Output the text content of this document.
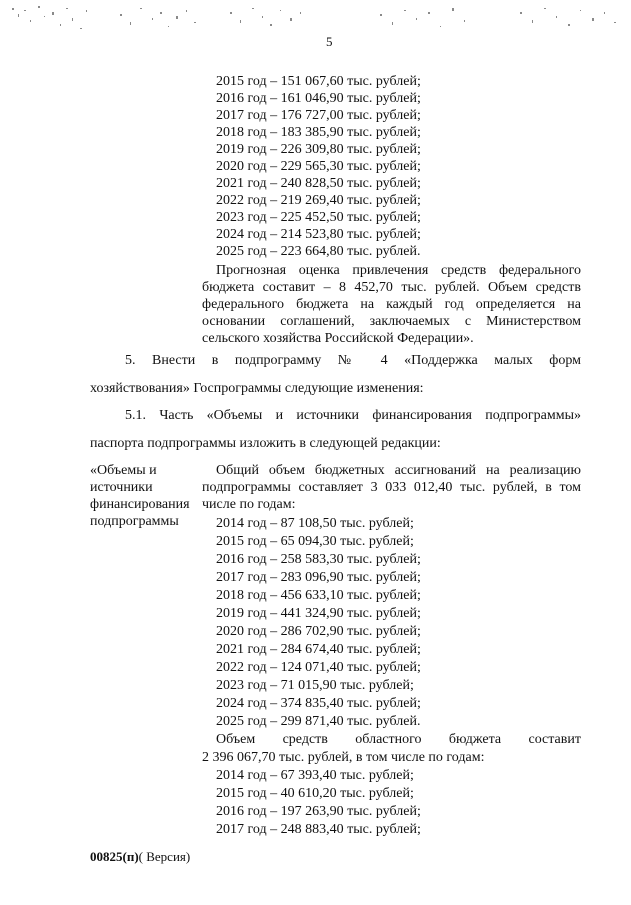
5
2015 год – 151 067,60 тыс. рублей;
2016 год – 161 046,90 тыс. рублей;
2017 год – 176 727,00 тыс. рублей;
2018 год – 183 385,90 тыс. рублей;
2019 год – 226 309,80 тыс. рублей;
2020 год – 229 565,30 тыс. рублей;
2021 год – 240 828,50 тыс. рублей;
2022 год – 219 269,40 тыс. рублей;
2023 год – 225 452,50 тыс. рублей;
2024 год – 214 523,80 тыс. рублей;
2025 год – 223 664,80 тыс. рублей.
Прогнозная оценка привлечения средств федерального
бюджета составит – 8 452,70 тыс. рублей. Объем средств
федерального бюджета на каждый год определяется на
основании соглашений, заключаемых с Министерством
сельского хозяйства Российской Федерации».
5. Внести в подпрограмму № 4 «Поддержка малых форм
хозяйствования» Госпрограммы следующие изменения:
5.1. Часть «Объемы и источники финансирования подпрограммы»
паспорта подпрограммы изложить в следующей редакции:
«Объемы и
источники
финансирования
подпрограммы
Общий объем бюджетных ассигнований на реализацию
подпрограммы составляет 3 033 012,40 тыс. рублей, в том
числе по годам:
2014 год – 87 108,50 тыс. рублей;
2015 год – 65 094,30 тыс. рублей;
2016 год – 258 583,30 тыс. рублей;
2017 год – 283 096,90 тыс. рублей;
2018 год – 456 633,10 тыс. рублей;
2019 год – 441 324,90 тыс. рублей;
2020 год – 286 702,90 тыс. рублей;
2021 год – 284 674,40 тыс. рублей;
2022 год – 124 071,40 тыс. рублей;
2023 год – 71 015,90 тыс. рублей;
2024 год – 374 835,40 тыс. рублей;
2025 год – 299 871,40 тыс. рублей.
Объем средств областного бюджета составит
2 396 067,70 тыс. рублей, в том числе по годам:
2014 год – 67 393,40 тыс. рублей;
2015 год – 40 610,20 тыс. рублей;
2016 год – 197 263,90 тыс. рублей;
2017 год – 248 883,40 тыс. рублей;
00825(п)( Версия)
